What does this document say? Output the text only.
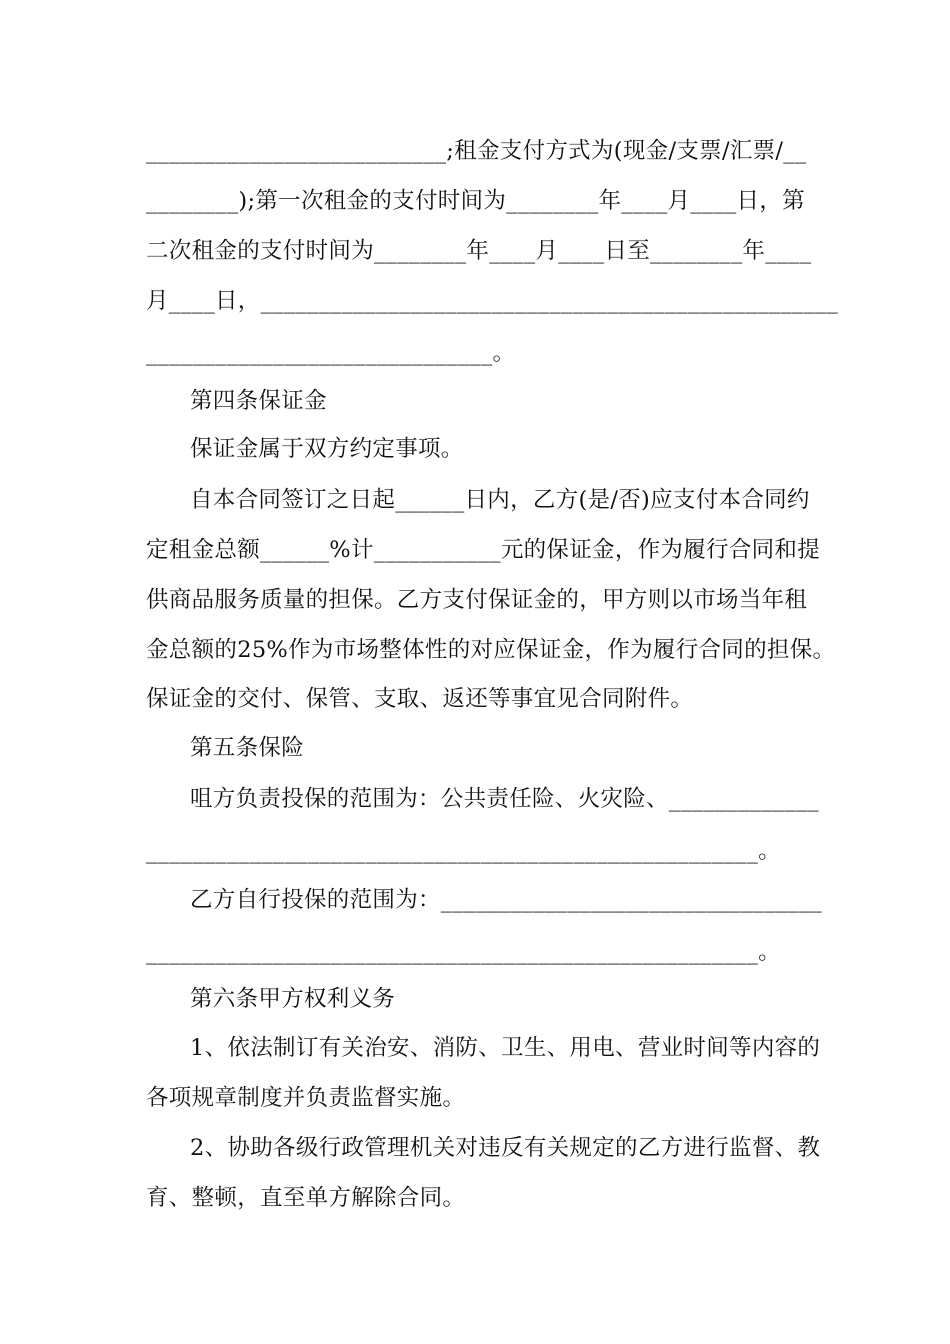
__________________________;租金支付方式为(现金/支票/汇票/__
________);第一次租金的支付时间为________年____月____日，第
二次租金的支付时间为________年____月____日至________年____
月____日，__________________________________________________
______________________________。
第四条保证金
保证金属于双方约定事项。
自本合同签订之日起______日内，乙方(是/否)应支付本合同约
定租金总额______%计___________元的保证金，作为履行合同和提
供商品服务质量的担保。乙方支付保证金的，甲方则以市场当年租
金总额的25%作为市场整体性的对应保证金，作为履行合同的担保。
保证金的交付、保管、支取、返还等事宜见合同附件。
第五条保险
咀方负责投保的范围为：公共责任险、火灾险、_____________
_____________________________________________________。
乙方自行投保的范围为：_________________________________
_____________________________________________________。
第六条甲方权利义务
1、依法制订有关治安、消防、卫生、用电、营业时间等内容的
各项规章制度并负责监督实施。
2、协助各级行政管理机关对违反有关规定的乙方进行监督、教
育、整顿，直至单方解除合同。
